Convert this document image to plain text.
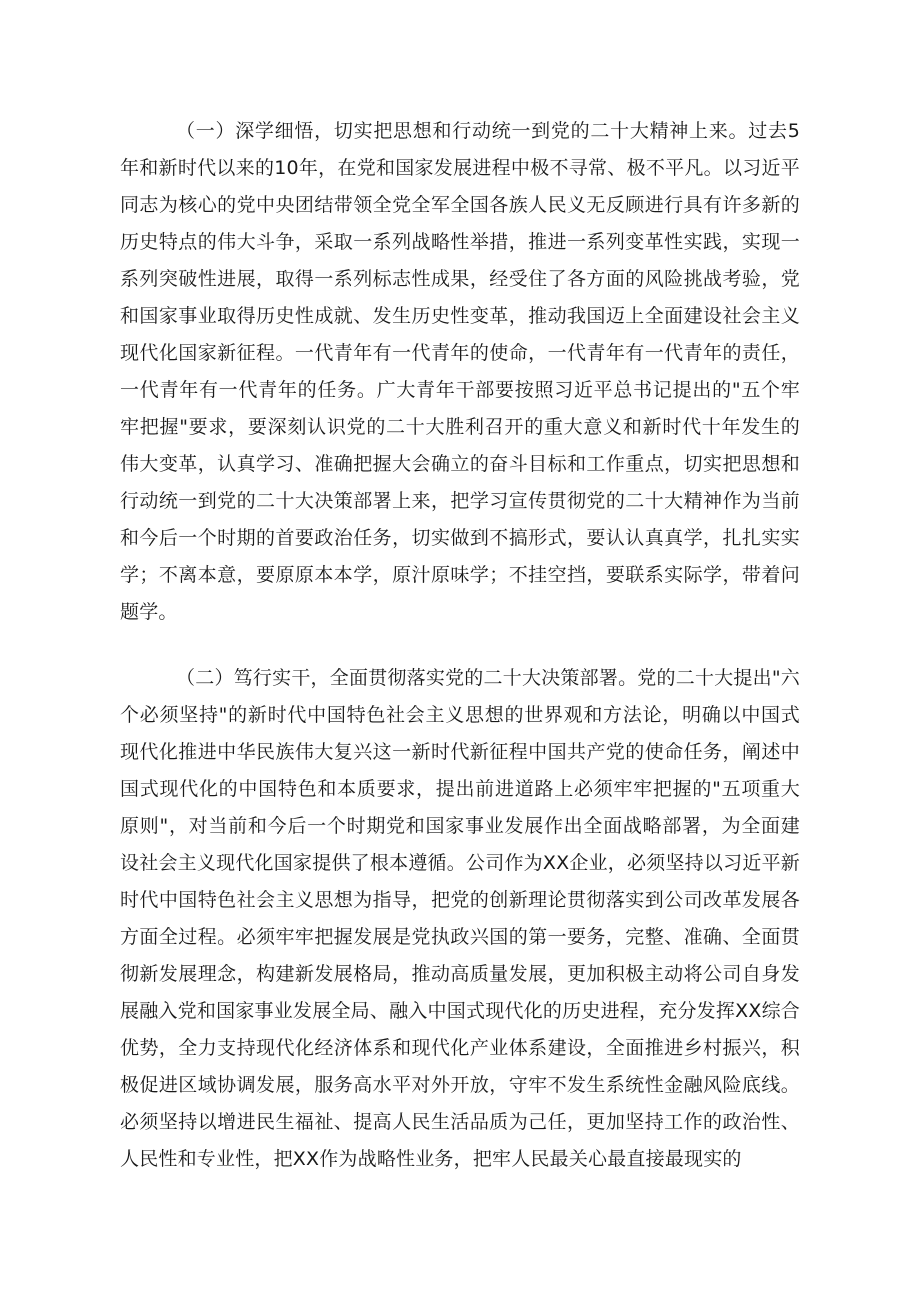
（一）深学细悟，切实把思想和行动统一到党的二十大精神上来。过去5年和新时代以来的10年，在党和国家发展进程中极不寻常、极不平凡。以习近平同志为核心的党中央团结带领全党全军全国各族人民义无反顾进行具有许多新的历史特点的伟大斗争，采取一系列战略性举措，推进一系列变革性实践，实现一系列突破性进展，取得一系列标志性成果，经受住了各方面的风险挑战考验，党和国家事业取得历史性成就、发生历史性变革，推动我国迈上全面建设社会主义现代化国家新征程。一代青年有一代青年的使命，一代青年有一代青年的责任，一代青年有一代青年的任务。广大青年干部要按照习近平总书记提出的"五个牢牢把握"要求，要深刻认识党的二十大胜利召开的重大意义和新时代十年发生的伟大变革，认真学习、准确把握大会确立的奋斗目标和工作重点，切实把思想和行动统一到党的二十大决策部署上来，把学习宣传贯彻党的二十大精神作为当前和今后一个时期的首要政治任务，切实做到不搞形式，要认认真真学，扎扎实实学；不离本意，要原原本本学，原汁原味学；不挂空挡，要联系实际学，带着问题学。

（二）笃行实干，全面贯彻落实党的二十大决策部署。党的二十大提出"六个必须坚持"的新时代中国特色社会主义思想的世界观和方法论，明确以中国式现代化推进中华民族伟大复兴这一新时代新征程中国共产党的使命任务，阐述中国式现代化的中国特色和本质要求，提出前进道路上必须牢牢把握的"五项重大原则"，对当前和今后一个时期党和国家事业发展作出全面战略部署，为全面建设社会主义现代化国家提供了根本遵循。公司作为XX企业，必须坚持以习近平新时代中国特色社会主义思想为指导，把党的创新理论贯彻落实到公司改革发展各方面全过程。必须牢牢把握发展是党执政兴国的第一要务，完整、准确、全面贯彻新发展理念，构建新发展格局，推动高质量发展，更加积极主动将公司自身发展融入党和国家事业发展全局、融入中国式现代化的历史进程，充分发挥XX综合优势，全力支持现代化经济体系和现代化产业体系建设，全面推进乡村振兴，积极促进区域协调发展，服务高水平对外开放，守牢不发生系统性金融风险底线。必须坚持以增进民生福祉、提高人民生活品质为己任，更加坚持工作的政治性、人民性和专业性，把XX作为战略性业务，把牢人民最关心最直接最现实的
